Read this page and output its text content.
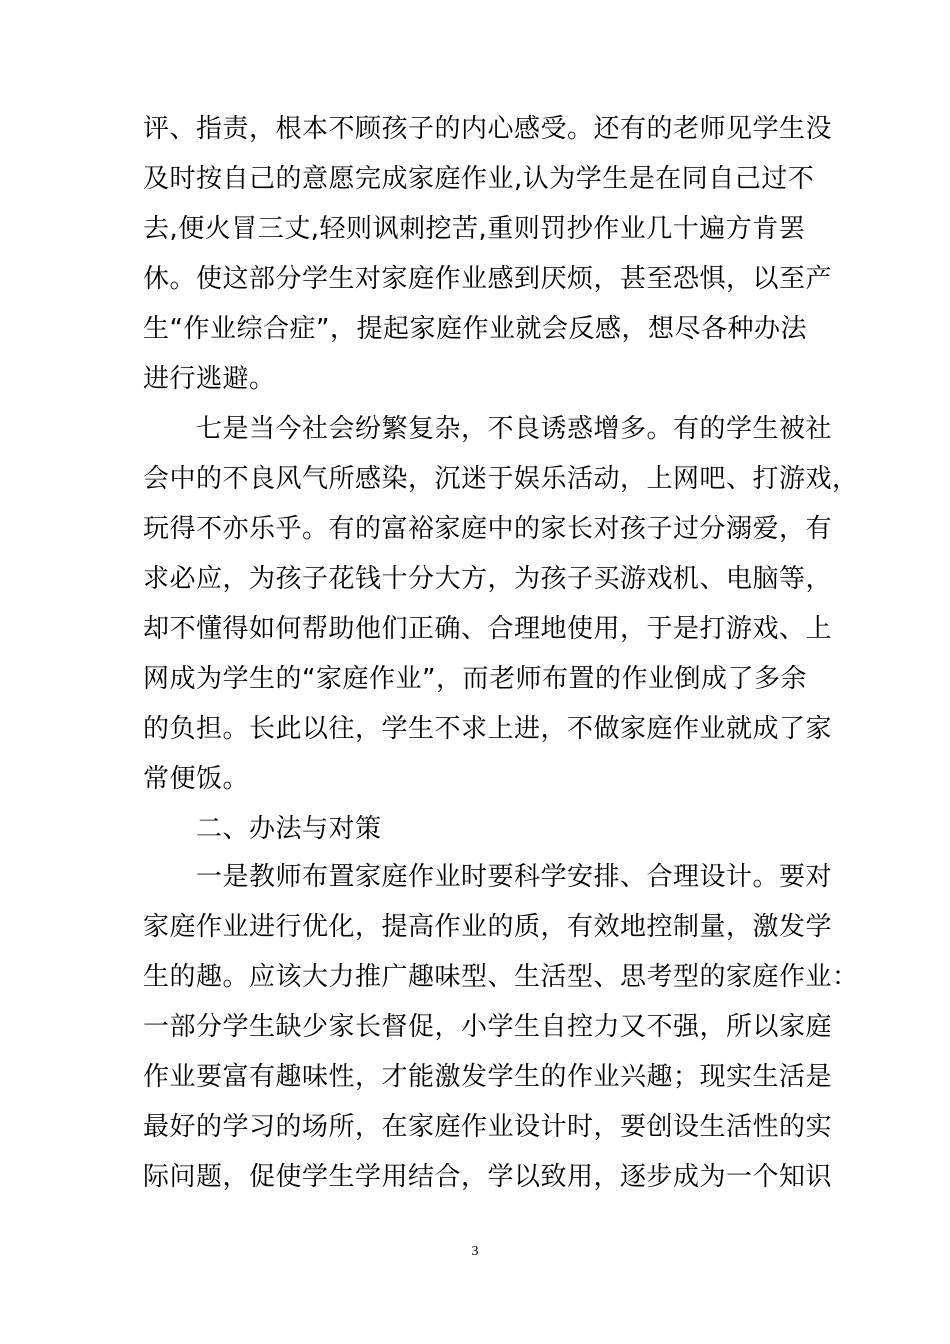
评、指责，根本不顾孩子的内心感受。还有的老师见学生没
及时按自己的意愿完成家庭作业,认为学生是在同自己过不
去,便火冒三丈,轻则讽刺挖苦,重则罚抄作业几十遍方肯罢
休。使这部分学生对家庭作业感到厌烦，甚至恐惧，以至产
生“作业综合症”，提起家庭作业就会反感，想尽各种办法
进行逃避。
七是当今社会纷繁复杂，不良诱惑增多。有的学生被社
会中的不良风气所感染，沉迷于娱乐活动，上网吧、打游戏，
玩得不亦乐乎。有的富裕家庭中的家长对孩子过分溺爱，有
求必应，为孩子花钱十分大方，为孩子买游戏机、电脑等，
却不懂得如何帮助他们正确、合理地使用，于是打游戏、上
网成为学生的“家庭作业”，而老师布置的作业倒成了多余
的负担。长此以往，学生不求上进，不做家庭作业就成了家
常便饭。
二、办法与对策
一是教师布置家庭作业时要科学安排、合理设计。要对
家庭作业进行优化，提高作业的质，有效地控制量，激发学
生的趣。应该大力推广趣味型、生活型、思考型的家庭作业：
一部分学生缺少家长督促，小学生自控力又不强，所以家庭
作业要富有趣味性，才能激发学生的作业兴趣；现实生活是
最好的学习的场所，在家庭作业设计时，要创设生活性的实
际问题，促使学生学用结合，学以致用，逐步成为一个知识
3
